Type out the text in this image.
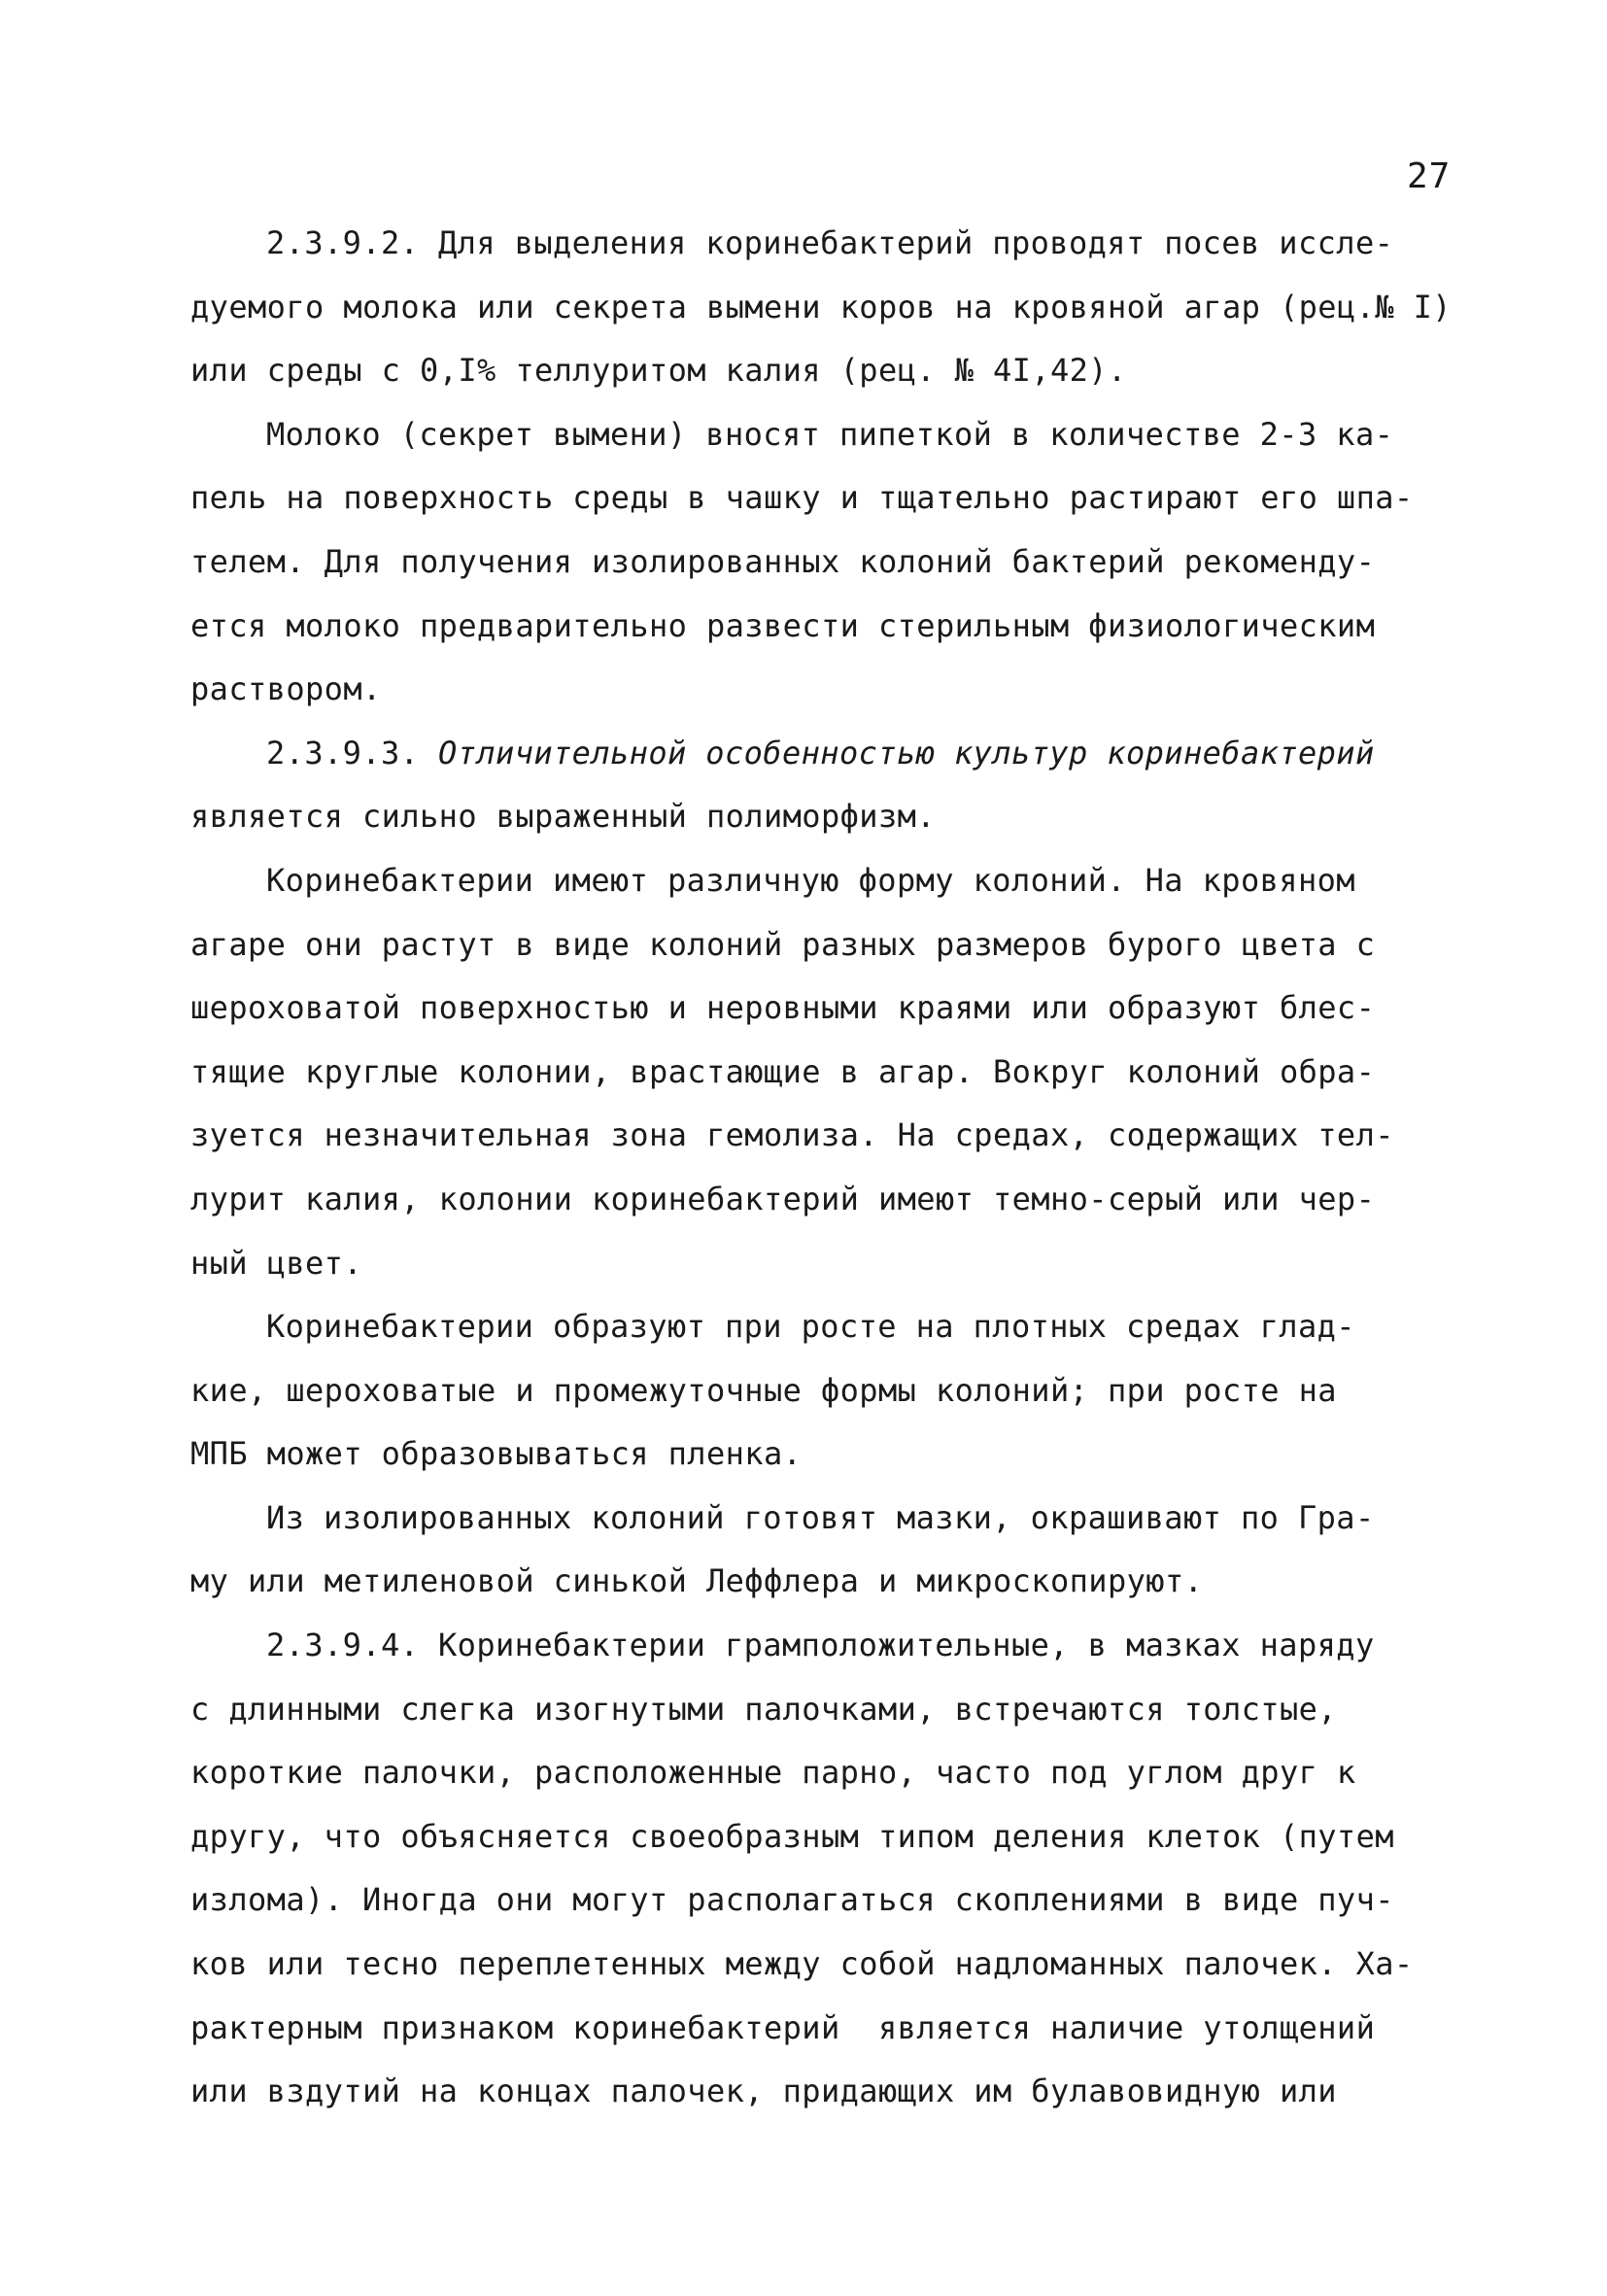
27
2.3.9.2. Для выделения коринебактерий проводят посев иссле-
дуемого молока или секрета вымени коров на кровяной агар (рец.№ I)
или среды с 0,I% теллуритом калия (рец. № 4I,42).
Молоко (секрет вымени) вносят пипеткой в количестве 2-3 ка-
пель на поверхность среды в чашку и тщательно растирают его шпа-
телем. Для получения изолированных колоний бактерий рекоменду-
ется молоко предварительно развести стерильным физиологическим
раствором.
2.3.9.3. Отличительной особенностью культур коринебактерий
является сильно выраженный полиморфизм.
Коринебактерии имеют различную форму колоний. На кровяном
агаре они растут в виде колоний разных размеров бурого цвета с
шероховатой поверхностью и неровными краями или образуют блес-
тящие круглые колонии, врастающие в агар. Вокруг колоний обра-
зуется незначительная зона гемолиза. На средах, содержащих тел-
лурит калия, колонии коринебактерий имеют темно-серый или чер-
ный цвет.
Коринебактерии образуют при росте на плотных средах глад-
кие, шероховатые и промежуточные формы колоний; при росте на
МПБ может образовываться пленка.
Из изолированных колоний готовят мазки, окрашивают по Гра-
му или метиленовой синькой Леффлера и микроскопируют.
2.3.9.4. Коринебактерии грамположительные, в мазках наряду
с длинными слегка изогнутыми палочками, встречаются толстые,
короткие палочки, расположенные парно, часто под углом друг к
другу, что объясняется своеобразным типом деления клеток (путем
излома). Иногда они могут располагаться скоплениями в виде пуч-
ков или тесно переплетенных между собой надломанных палочек. Ха-
рактерным признаком коринебактерий  является наличие утолщений
или вздутий на концах палочек, придающих им булавовидную или
